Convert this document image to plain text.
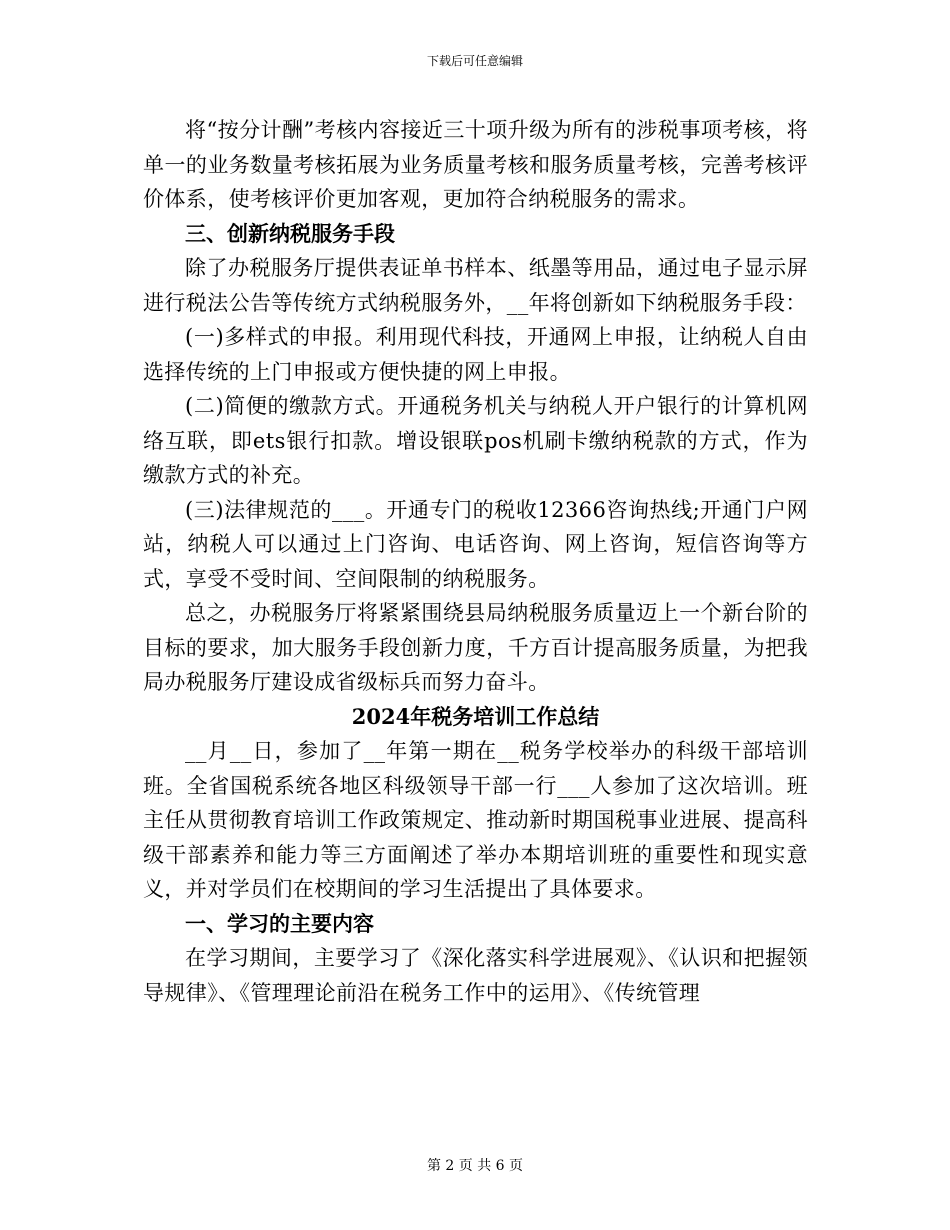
下载后可任意编辑

将“按分计酬”考核内容接近三十项升级为所有的涉税事项考核，将单一的业务数量考核拓展为业务质量考核和服务质量考核，完善考核评价体系，使考核评价更加客观，更加符合纳税服务的需求。

三、创新纳税服务手段

除了办税服务厅提供表证单书样本、纸墨等用品，通过电子显示屏进行税法公告等传统方式纳税服务外，__年将创新如下纳税服务手段：

(一)多样式的申报。利用现代科技，开通网上申报，让纳税人自由选择传统的上门申报或方便快捷的网上申报。

(二)简便的缴款方式。开通税务机关与纳税人开户银行的计算机网络互联，即ets银行扣款。增设银联pos机刷卡缴纳税款的方式，作为缴款方式的补充。

(三)法律规范的___。开通专门的税收12366咨询热线;开通门户网站，纳税人可以通过上门咨询、电话咨询、网上咨询，短信咨询等方式，享受不受时间、空间限制的纳税服务。

总之，办税服务厅将紧紧围绕县局纳税服务质量迈上一个新台阶的目标的要求，加大服务手段创新力度，千方百计提高服务质量，为把我局办税服务厅建设成省级标兵而努力奋斗。

2024年税务培训工作总结

__月__日，参加了__年第一期在__税务学校举办的科级干部培训班。全省国税系统各地区科级领导干部一行___人参加了这次培训。班主任从贯彻教育培训工作政策规定、推动新时期国税事业进展、提高科级干部素养和能力等三方面阐述了举办本期培训班的重要性和现实意义，并对学员们在校期间的学习生活提出了具体要求。

一、学习的主要内容

在学习期间，主要学习了《深化落实科学进展观》、《认识和把握领导规律》、《管理理论前沿在税务工作中的运用》、《传统管理

第 2 页 共 6 页
